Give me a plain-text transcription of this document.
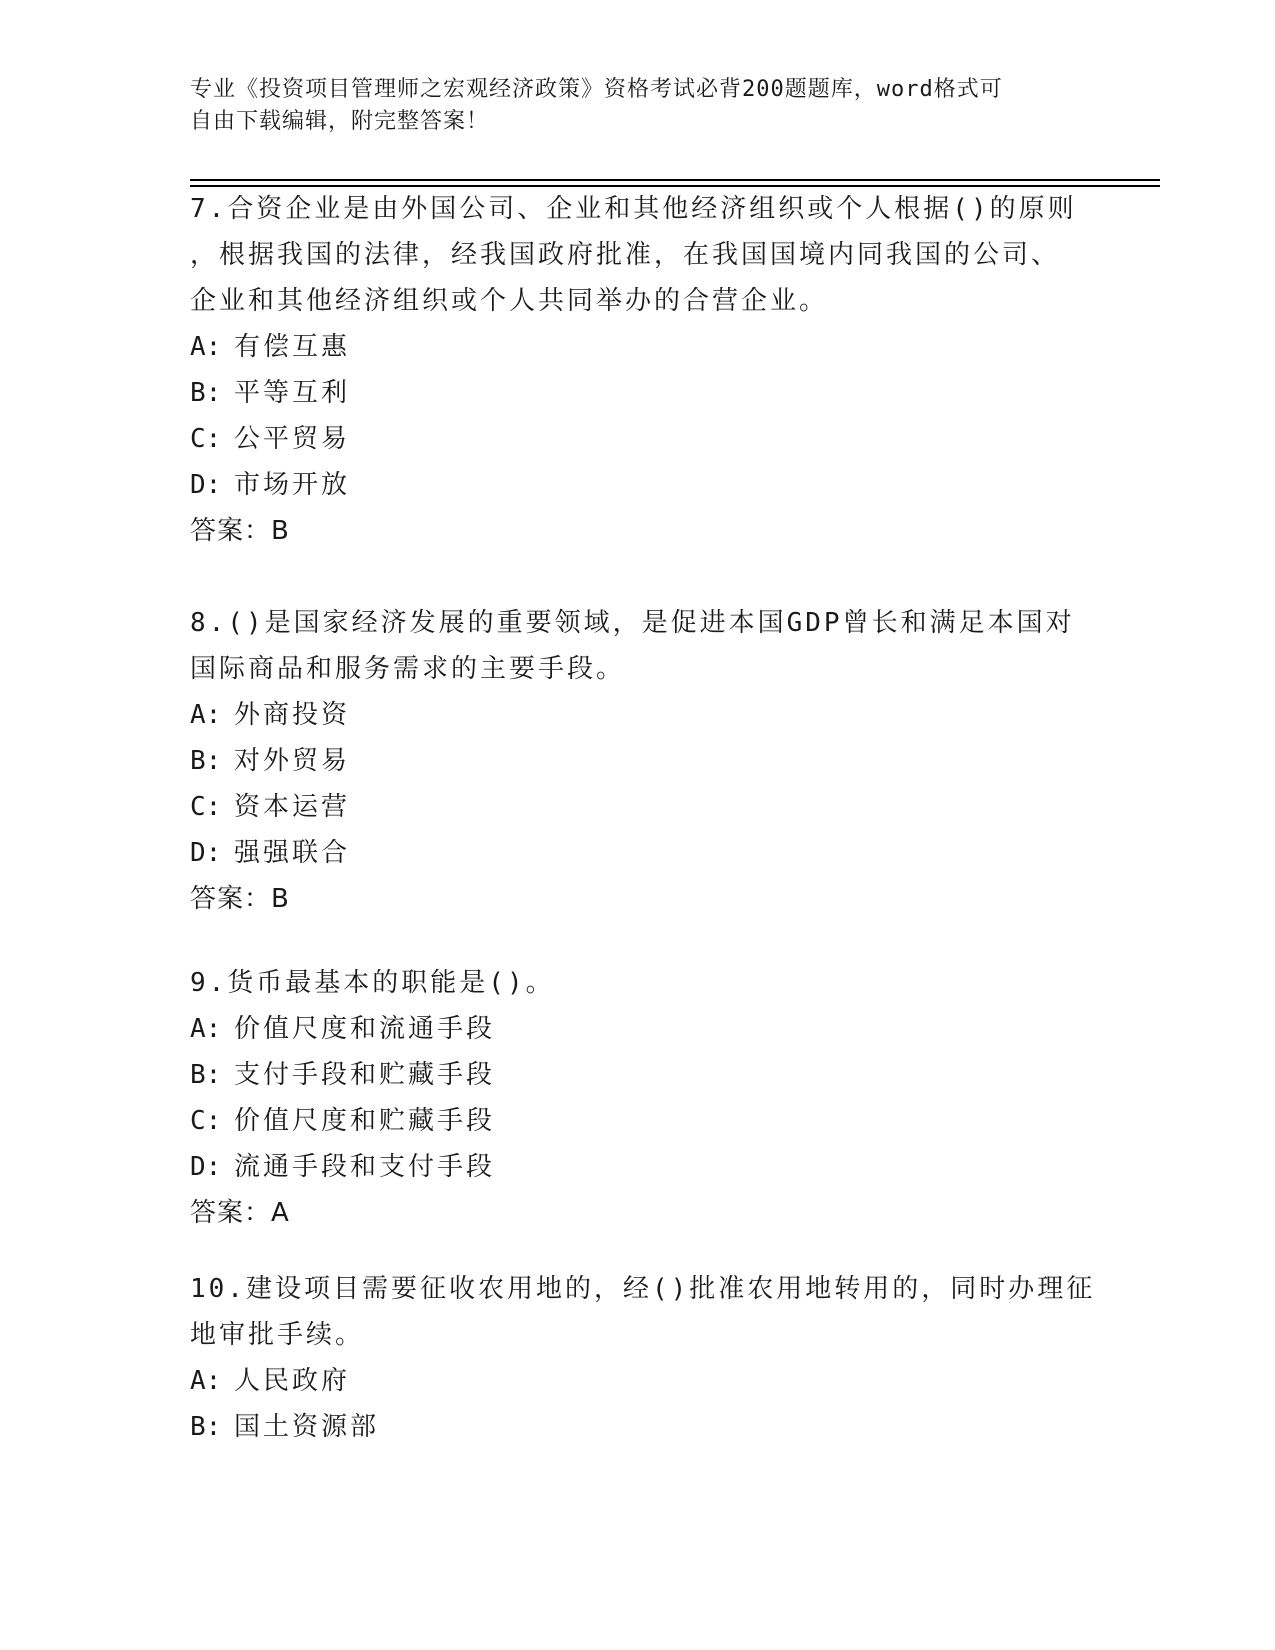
专业《投资项目管理师之宏观经济政策》资格考试必背200题题库，word格式可
自由下载编辑，附完整答案！
7.合资企业是由外国公司、企业和其他经济组织或个人根据()的原则
，根据我国的法律，经我国政府批准，在我国国境内同我国的公司、
企业和其他经济组织或个人共同举办的合营企业。
A: 有偿互惠
B: 平等互利
C: 公平贸易
D: 市场开放
答案：B
8.()是国家经济发展的重要领域，是促进本国GDP曾长和满足本国对
国际商品和服务需求的主要手段。
A: 外商投资
B: 对外贸易
C: 资本运营
D: 强强联合
答案：B
9.货币最基本的职能是()。
A: 价值尺度和流通手段
B: 支付手段和贮藏手段
C: 价值尺度和贮藏手段
D: 流通手段和支付手段
答案：A
10.建设项目需要征收农用地的，经()批准农用地转用的，同时办理征
地审批手续。
A: 人民政府
B: 国土资源部
